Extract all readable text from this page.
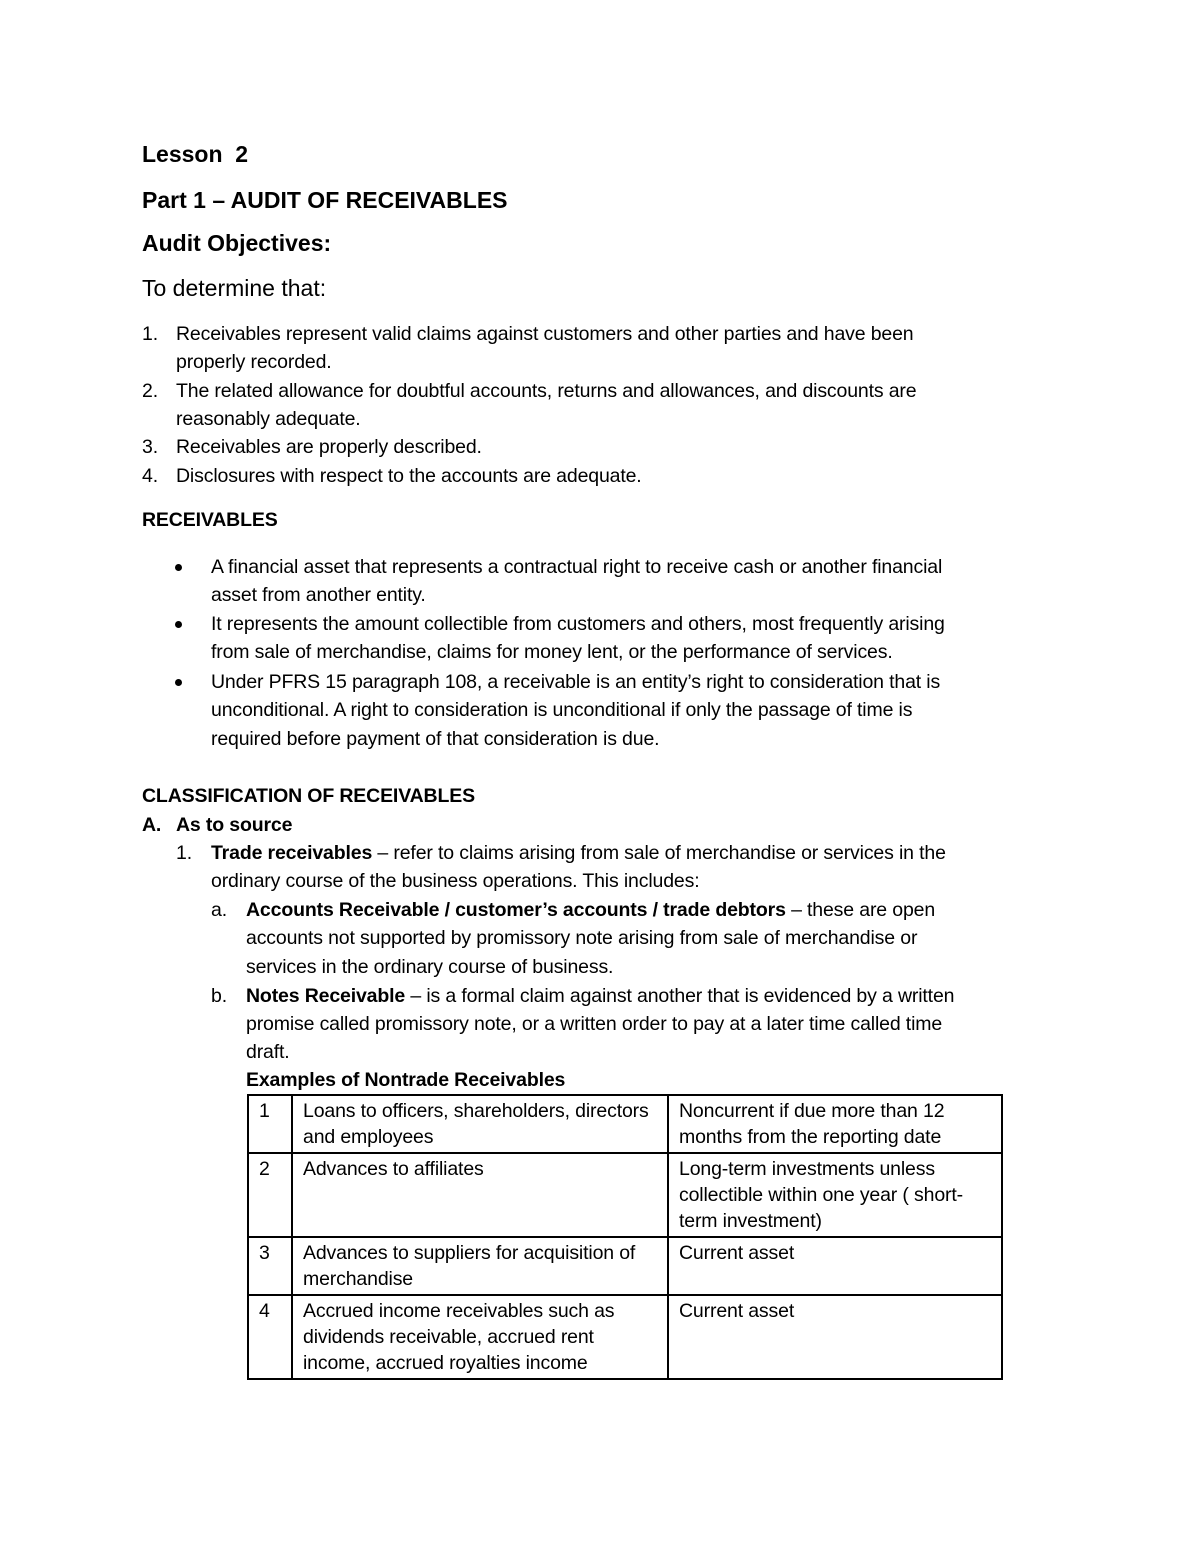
Lesson  2
Part 1 – AUDIT OF RECEIVABLES
Audit Objectives:
To determine that:
1. Receivables represent valid claims against customers and other parties and have been
properly recorded.
2. The related allowance for doubtful accounts, returns and allowances, and discounts are
reasonably adequate.
3. Receivables are properly described.
4. Disclosures with respect to the accounts are adequate.
RECEIVABLES
A financial asset that represents a contractual right to receive cash or another financial
asset from another entity.
It represents the amount collectible from customers and others, most frequently arising
from sale of merchandise, claims for money lent, or the performance of services.
Under PFRS 15 paragraph 108, a receivable is an entity’s right to consideration that is
unconditional. A right to consideration is unconditional if only the passage of time is
required before payment of that consideration is due.
CLASSIFICATION OF RECEIVABLES
A. As to source
1. Trade receivables – refer to claims arising from sale of merchandise or services in the
ordinary course of the business operations. This includes:
a. Accounts Receivable / customer’s accounts / trade debtors – these are open
accounts not supported by promissory note arising from sale of merchandise or
services in the ordinary course of business.
b. Notes Receivable – is a formal claim against another that is evidenced by a written
promise called promissory note, or a written order to pay at a later time called time
draft.
Examples of Nontrade Receivables
1	Loans to officers, shareholders, directors and employees	Noncurrent if due more than 12 months from the reporting date
2	Advances to affiliates	Long-term investments unless collectible within one year ( short-term investment)
3	Advances to suppliers for acquisition of merchandise	Current asset
4	Accrued income receivables such as dividends receivable, accrued rent income, accrued royalties income	Current asset
